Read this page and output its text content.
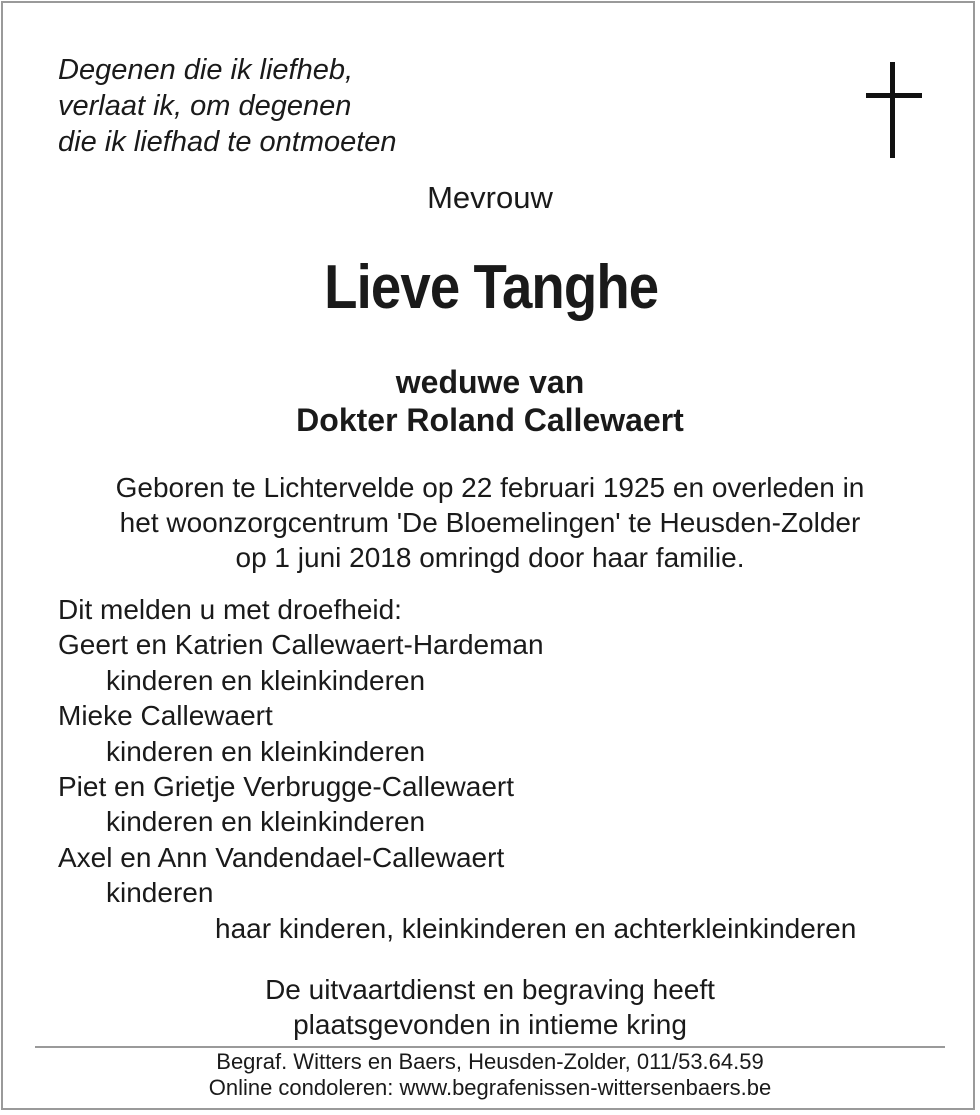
Degenen die ik liefheb,
verlaat ik, om degenen
die ik liefhad te ontmoeten
Mevrouw
Lieve Tanghe
weduwe van
Dokter Roland Callewaert
Geboren te Lichtervelde op 22 februari 1925 en overleden in
het woonzorgcentrum 'De Bloemelingen' te Heusden-Zolder
op 1 juni 2018 omringd door haar familie.
Dit melden u met droefheid:
Geert en Katrien Callewaert-Hardeman
kinderen en kleinkinderen
Mieke Callewaert
kinderen en kleinkinderen
Piet en Grietje Verbrugge-Callewaert
kinderen en kleinkinderen
Axel en Ann Vandendael-Callewaert
kinderen
haar kinderen, kleinkinderen en achterkleinkinderen
De uitvaartdienst en begraving heeft
plaatsgevonden in intieme kring
Begraf. Witters en Baers, Heusden-Zolder, 011/53.64.59
Online condoleren: www.begrafenissen-wittersenbaers.be
